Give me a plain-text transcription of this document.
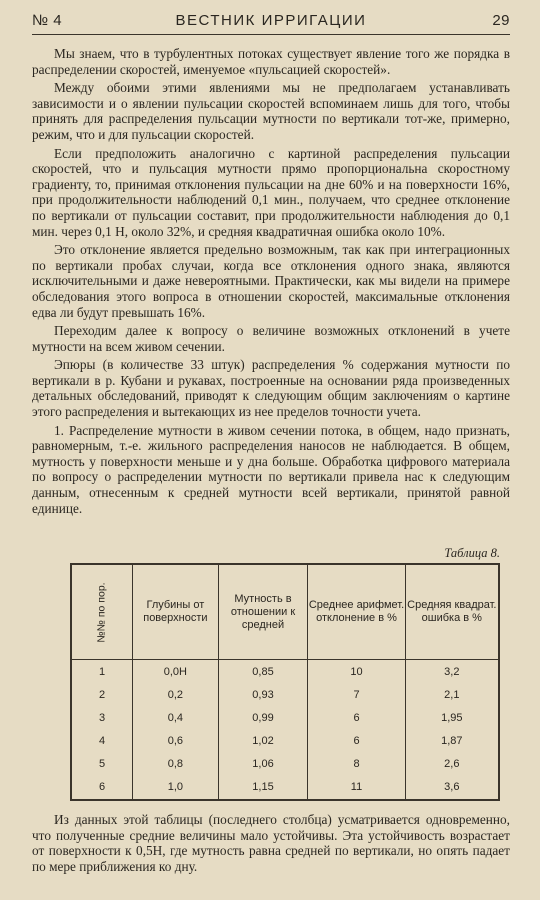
№ 4	ВЕСТНИК ИРРИГАЦИИ	29

Мы знаем, что в турбулентных потоках существует явление того же порядка в распределении скоростей, именуемое «пульсацией скоростей».

Между обоими этими явлениями мы не предполагаем устанавливать зависимости и о явлении пульсации скоростей вспоминаем лишь для того, чтобы принять для распределения пульсации мутности по вертикали тот-же, примерно, режим, что и для пульсации скоростей.

Если предположить аналогично с картиной распределения пульсации скоростей, что и пульсация мутности прямо пропорциональна скоростному градиенту, то, принимая отклонения пульсации на дне 60% и на поверхности 16%, при продолжительности наблюдений 0,1 мин., получаем, что среднее отклонение по вертикали от пульсации составит, при продолжительности наблюдения до 0,1 мин. через 0,1 Н, около 32%, и средняя квадратичная ошибка около 10%.

Это отклонение является предельно возможным, так как при интеграционных по вертикали пробах случаи, когда все отклонения одного знака, являются исключительными и даже невероятными. Практически, как мы видели на примере обследования этого вопроса в отношении скоростей, максимальные отклонения едва ли будут превышать 16%.

Переходим далее к вопросу о величине возможных отклонений в учете мутности на всем живом сечении.

Эпюры (в количестве 33 штук) распределения % содержания мутности по вертикали в р. Кубани и рукавах, построенные на основании ряда произведенных детальных обследований, приводят к следующим общим заключениям о картине этого распределения и вытекающих из нее пределов точности учета.

1. Распределение мутности в живом сечении потока, в общем, надо признать, равномерным, т.-е. жильного распределения наносов не наблюдается. В общем, мутность у поверхности меньше и у дна больше. Обработка цифрового материала по вопросу о распределении мутности по вертикали привела нас к следующим данным, отнесенным к средней мутности всей вертикали, принятой равной единице.

Таблица 8.
№№ по пор.	Глубины от поверхности	Мутность в отношении к средней	Среднее арифмет. отклонение в %	Средняя квадрат. ошибка в %
1	0,0H	0,85	10	3,2
2	0,2	0,93	7	2,1
3	0,4	0,99	6	1,95
4	0,6	1,02	6	1,87
5	0,8	1,06	8	2,6
6	1,0	1,15	11	3,6

Из данных этой таблицы (последнего столбца) усматривается одновременно, что полученные средние величины мало устойчивы. Эта устойчивость возрастает от поверхности к 0,5Н, где мутность равна средней по вертикали, но опять падает по мере приближения ко дну.
